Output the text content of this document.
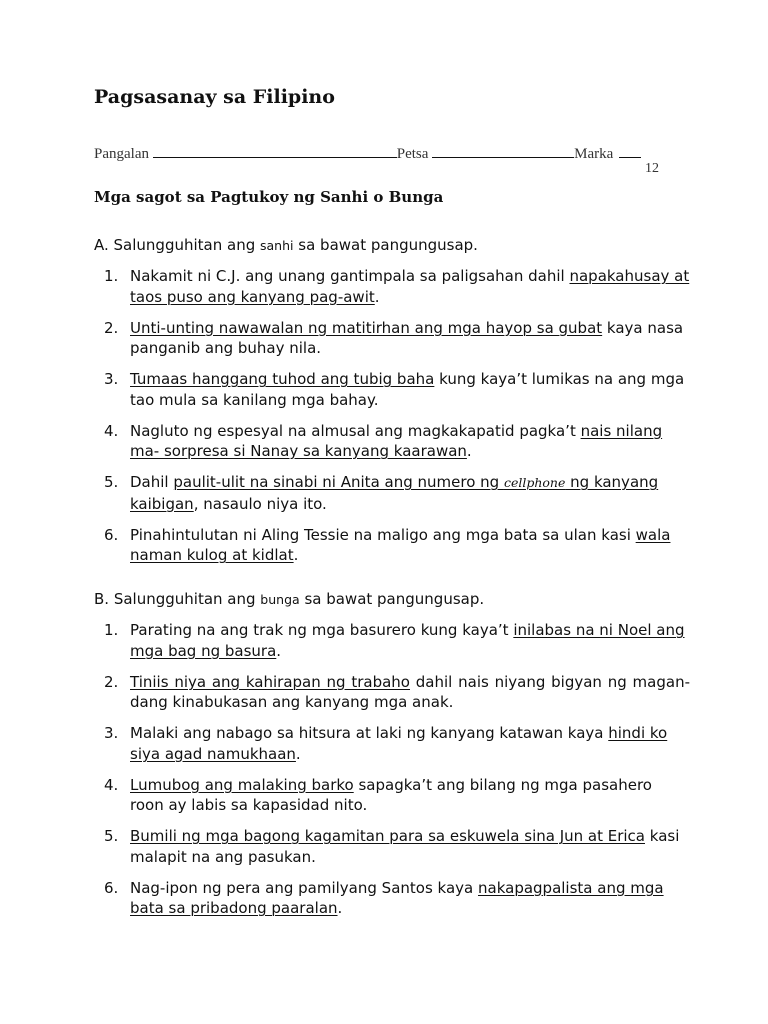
Pagsasanay sa Filipino
Pangalan	Petsa	Marka
12
Mga sagot sa Pagtukoy ng Sanhi o Bunga

A. Salungguhitan ang sanhi sa bawat pangungusap.

1. Nakamit ni C.J. ang unang gantimpala sa paligsahan dahil napakahusay at taos puso ang kanyang pag-awit.
2. Unti-unting nawawalan ng matitirhan ang mga hayop sa gubat kaya nasa panganib ang buhay nila.
3. Tumaas hanggang tuhod ang tubig baha kung kaya’t lumikas na ang mga tao mula sa kanilang mga bahay.
4. Nagluto ng espesyal na almusal ang magkakapatid pagka’t nais nilang ma- sorpresa si Nanay sa kanyang kaarawan.
5. Dahil paulit-ulit na sinabi ni Anita ang numero ng cellphone ng kanyang kaibigan, nasaulo niya ito.
6. Pinahintulutan ni Aling Tessie na maligo ang mga bata sa ulan kasi wala naman kulog at kidlat.

B. Salungguhitan ang bunga sa bawat pangungusap.

1. Parating na ang trak ng mga basurero kung kaya’t inilabas na ni Noel ang mga bag ng basura.
2. Tiniis niya ang kahirapan ng trabaho dahil nais niyang bigyan ng magan- dang kinabukasan ang kanyang mga anak.
3. Malaki ang nabago sa hitsura at laki ng kanyang katawan kaya hindi ko siya agad namukhaan.
4. Lumubog ang malaking barko sapagka’t ang bilang ng mga pasahero roon ay labis sa kapasidad nito.
5. Bumili ng mga bagong kagamitan para sa eskuwela sina Jun at Erica kasi malapit na ang pasukan.
6. Nag-ipon ng pera ang pamilyang Santos kaya nakapagpalista ang mga bata sa pribadong paaralan.
